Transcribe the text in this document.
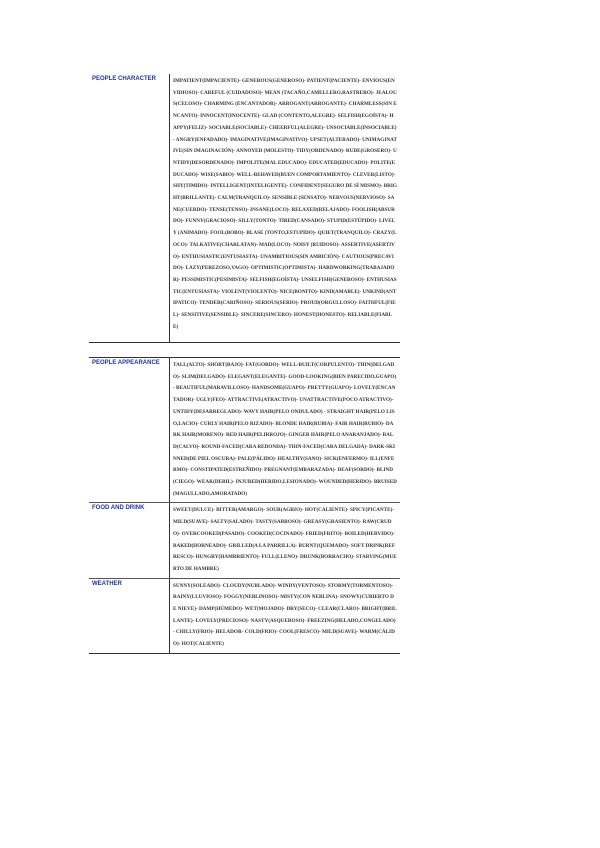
PEOPLE CHARACTER	IMPATIENT(IMPACIENTE)- GENEROUS(GENEROSO)- PATIENT(PACIENTE)- ENVIOUS(ENVIDIOSO)- CAREFUL (CUIDADOSO)- MEAN (TACAÑO,CAMELLERO,RASTRERO)- JEALOUS(CELOSO)- CHARMING (ENCANTADOR)- ARROGANT(ARROGANTE)- CHARMLESS(SIN ENCANTO)- INNOCENT(INOCENTE)- GLAD (CONTENTO,ALEGRE)- SELFISH(EGOÍSTA)- HAPPY(FELIZ)- SOCIABLE(SOCIABLE)- CHEERFUL(ALEGRE)- UNSOCIABLE(INSOCIABLE)- ANGRY(ENFADADO)- IMAGINATIVE(IMAGINATIVO)- UPSET(ALTERADO)- UNIMAGINATIVE(SIN IMAGINACIÓN)- ANNOYED (MOLESTO)- TIDY(ORDENADO)- RUDE(GROSERO)- UNTIDY(DESORDENADO)- IMPOLITE(MAL EDUCADO)- EDUCATED(EDUCADO)- POLITE(EDUCADO)- WISE(SABIO)- WELL-BEHAVED(BUEN COMPORTAMIENTO)- CLEVER(LISTO)- SHY(TIMIDO)- INTELLIGENT(INTELIGENTE)- CONFIDENT(SEGURO DE SÍ MISMO)- BRIGHT(BRILLANTE)- CALM(TRANQUILO)- SENSIBLE (SENSATO)- NERVOUS(NERVIOSO)- SANE(CUERDO)- TENSE(TENSO)- INSANE(LOCO)- RELAXED(RELAJADO)- FOOLISH(ABSURDO)- FUNNY(GRACIOSO)- SILLY(TONTO)- TIRED(CANSADO)- STUPID(ESTÚPIDO)- LIVELY (ANIMADO)- FOOL(BOBO)- BLASE (TONTO,ESTUPIDO)- QUIET(TRANQUILO)- CRAZY(LOCO)- TALKATIVE(CHARLATAN)- MAD(LOCO)- NOISY (RUIDOSO)- ASSERTIVE(ASERTIVO)- ENTHUSIASTIC(ENTUSIASTA)- UNAMBITIOUS(SIN AMBICIÓN)- CAUTIOUS(PRECAVIDO)- LAZY(PEREZOSO,VAGO)- OPTIMISTIC(OPTIMISTA)- HARDWORKING(TRABAJADOR)- PESSIMISTIC(PESIMISTA)- SELFISH(EGOÍSTA)- UNSELFISH(GENEROSO)- ENTHUSIASTIC(ENTUSIASTA)- VIOLENT(VIOLENTO)- NICE(BONITO)- KIND(AMABLE)- UNKIND(ANTIPATICO)- TENDER(CARIÑOSO)- SERIOUS(SERIO)- PROUD(ORGULLOSO)- FAITHFUL(FIEL)- SENSITIVE(SENSIBLE)- SINCERE(SINCERO)- HONEST(HONESTO)- RELIABLE(FIABLE)
PEOPLE APPEARANCE	TALL(ALTO)- SHORT(BAJO)- FAT(GORDO)- WELL-BUILT(CORPULENTO)- THIN(DELGADO)- SLIM(DELGADO)- ELEGANT(ELEGANTE)- GOOD-LOOKING(BIEN PARECIDO,GUAPO)- BEAUTIFUL(MARAVILLOSO)- HANDSOME(GUAPO)- PRETTY(GUAPO)- LOVELY(ENCANTADOR)- UGLY(FEO)- ATTRACTIVE(ATRACTIVO)- UNATTRACTIVE(POCO ATRACTIVO)- UNTIDY(DESARREGLADO)- WAVY HAIR(PELO ONDULADO) - STRAIGHT HAIR(PELO LISO,LACIO)- CURLY HAIR(PELO RIZADO)- BLONDE HAIR(RUBIA)- FAIR HAIR(RUBIO)- DARK HAIR(MORENO)- RED HAIR(PELIRROJO)- GINGER HAIR(PELO ANARANJADO)- BALD(CALVO)- ROUND-FACED(CARA REDONDA)- THIN-FACED(CARA DELGADA)- DARK-SKINNED(DE PIEL OSCURA)- PALE(PÁLIDO)- HEALTHY(SANO)- SICK(ENFERMO)- ILL(ENFERMO)- CONSTIPATED(ESTREÑIDO)- PREGNANT(EMBARAZADA)- DEAF(SORDO)- BLIND(CIEGO)- WEAK(DEBIL)- INJURED(HERIDO,LESIONADO)- WOUNDED(HERIDO)- BRUISED(MAGULLADO,AMORATADO)

FOOD AND DRINK	SWEET(DULCE)- BITTER(AMARGO)- SOUR(AGRIO)- HOT(CALIENTE)- SPICY(PICANTE)- MILD(SUAVE)- SALTY(SALADO)- TASTY(SABROSO)- GREASY(GRASIENTO)- RAW(CRUDO)- OVERCOOKED(PASADO)- COOKED(COCINADO)- FRIED(FRITO)- BOILED(HERVIDO)- BAKED(HORNEADO)- GRILLED(A LA PARRILLA)- BURNT(QUEMADO)- SOFT DRINK(REFRESCO)- HUNGRY(HAMBRIENTO)- FULL(LLENO)- DRUNK(BORRACHO)- STARVING(MUERTO DE HAMBRE)

WEATHER	SUNNY(SOLEADO)- CLOUDY(NUBLADO)- WINDY(VENTOSO)- STORMY(TORMENTOSO)- RAINY(LLUVIOSO)- FOGGY(NEBLINOSO)- MISTY(CON NEBLINA)- SNOWY(CUBIERTO DE NIEVE)- DAMP(HÚMEDO)- WET(MOJADO)- DRY(SECO)- CLEAR(CLARO)- BRIGHT(BRILLANTE)- LOVELY(PRECIOSO)- NASTY(ASQUEROSO)- FREEZING(HELADO,CONGELADO)- CHILLY(FRIO)- HELADOR- COLD(FRIO)- COOL(FRESCO)- MILD(SUAVE)- WARM(CÁLIDO)- HOT(CALIENTE)
